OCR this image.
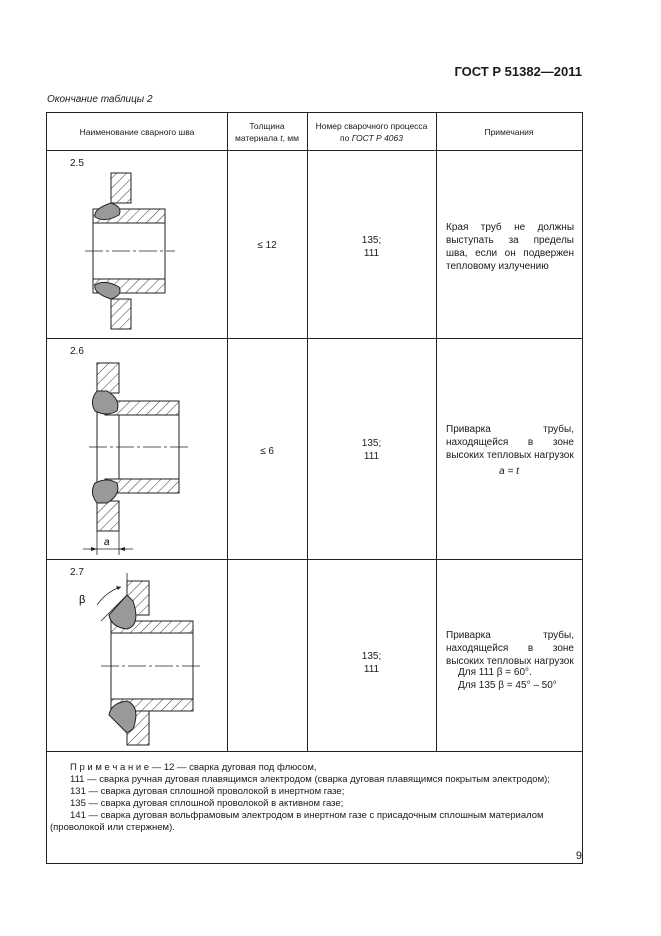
ГОСТ Р 51382—2011
Окончание таблицы 2
Наименование сварного шва
Толщина
материала t, мм
Номер сварочного процесса
по ГОСТ Р 4063
Примечания
2.5
≤ 12	135;
111
Края труб не должны выступать за пределы шва, если он подвержен тепловому излучению
2.6
a
≤ 6
135;
111
Приварка трубы, находящейся в зоне высоких тепловых нагрузок
a = t
2.7
β
135;
111
Приварка трубы, находящейся в зоне высоких тепловых нагрузок
Для 111 β = 60°.
Для 135 β = 45° – 50°
П р и м е ч а н и е — 12 — сварка дуговая под флюсом,
111 — сварка ручная дуговая плавящимся электродом (сварка дуговая плавящимся покрытым электродом);
131 — сварка дуговая сплошной проволокой в инертном газе;
135 — сварка дуговая сплошной проволокой в активном газе;
141 — сварка дуговая вольфрамовым электродом в инертном газе с присадочным сплошным материалом (проволокой или стержнем).
9
